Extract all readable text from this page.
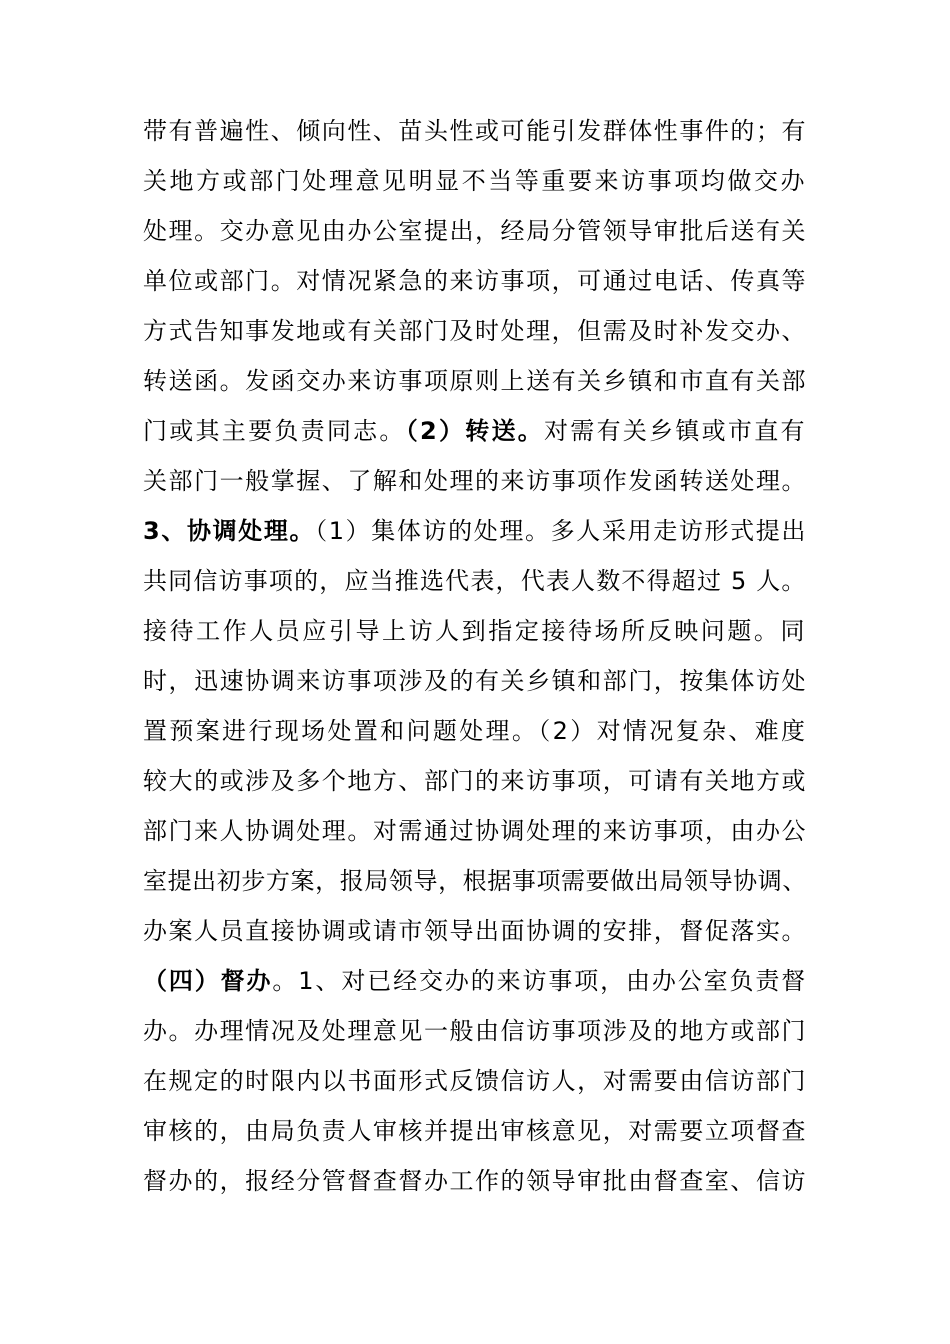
带有普遍性、倾向性、苗头性或可能引发群体性事件的；有
关地方或部门处理意见明显不当等重要来访事项均做交办
处理。交办意见由办公室提出，经局分管领导审批后送有关
单位或部门。对情况紧急的来访事项，可通过电话、传真等
方式告知事发地或有关部门及时处理，但需及时补发交办、
转送函。发函交办来访事项原则上送有关乡镇和市直有关部
门或其主要负责同志。（2）转送。对需有关乡镇或市直有
关部门一般掌握、了解和处理的来访事项作发函转送处理。
3、协调处理。（1）集体访的处理。多人采用走访形式提出
共同信访事项的，应当推选代表，代表人数不得超过 5 人。
接待工作人员应引导上访人到指定接待场所反映问题。同
时，迅速协调来访事项涉及的有关乡镇和部门，按集体访处
置预案进行现场处置和问题处理。（2）对情况复杂、难度
较大的或涉及多个地方、部门的来访事项，可请有关地方或
部门来人协调处理。对需通过协调处理的来访事项，由办公
室提出初步方案，报局领导，根据事项需要做出局领导协调、
办案人员直接协调或请市领导出面协调的安排，督促落实。
（四）督办。1、对已经交办的来访事项，由办公室负责督
办。办理情况及处理意见一般由信访事项涉及的地方或部门
在规定的时限内以书面形式反馈信访人，对需要由信访部门
审核的，由局负责人审核并提出审核意见，对需要立项督查
督办的，报经分管督查督办工作的领导审批由督查室、信访
